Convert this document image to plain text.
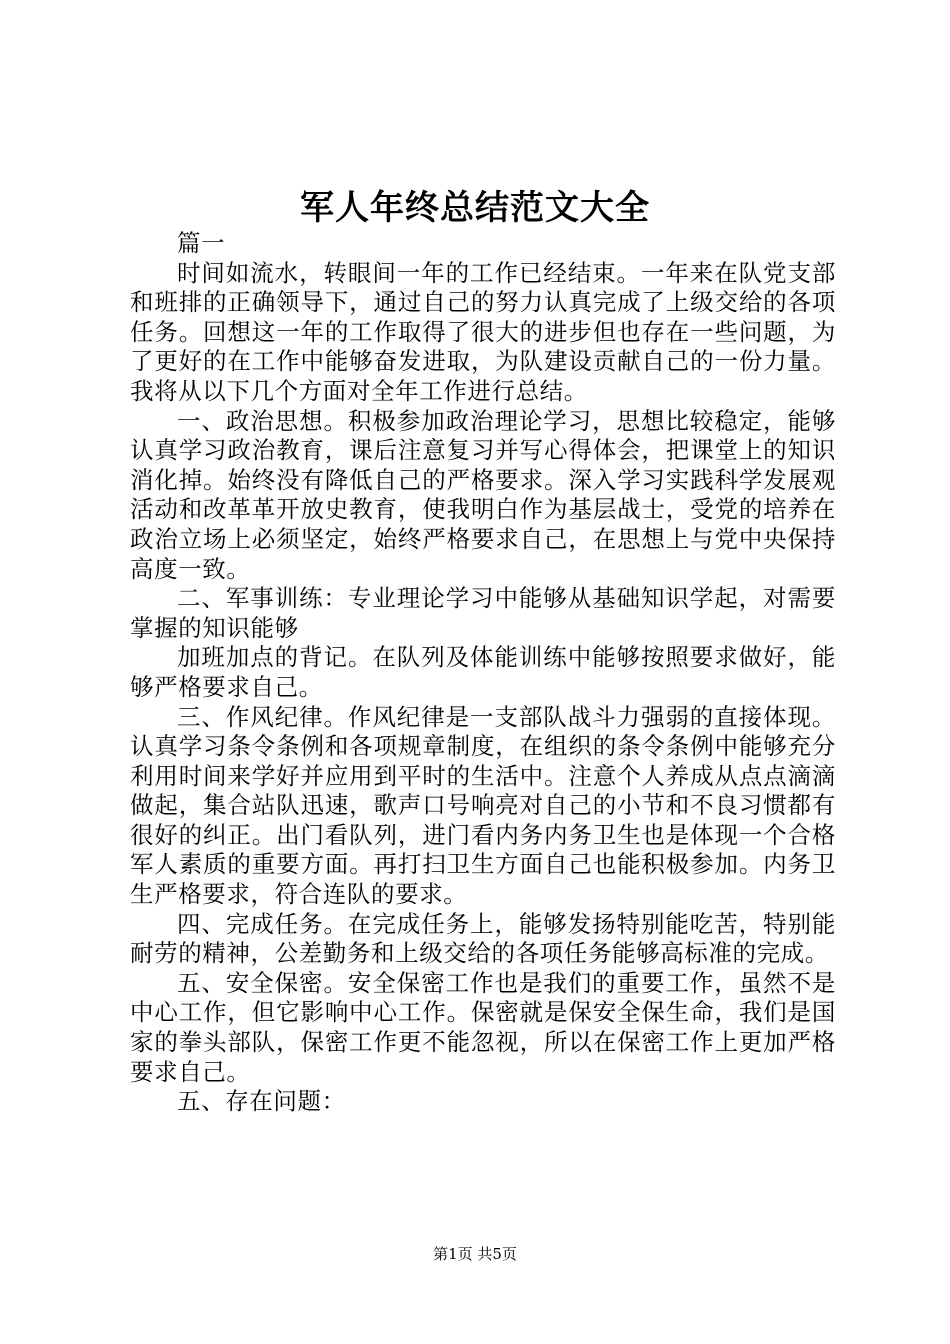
军人年终总结范文大全

篇一

时间如流水，转眼间一年的工作已经结束。一年来在队党支部和班排的正确领导下，通过自己的努力认真完成了上级交给的各项任务。回想这一年的工作取得了很大的进步但也存在一些问题，为了更好的在工作中能够奋发进取，为队建设贡献自己的一份力量。我将从以下几个方面对全年工作进行总结。

一、政治思想。积极参加政治理论学习，思想比较稳定，能够认真学习政治教育，课后注意复习并写心得体会，把课堂上的知识消化掉。始终没有降低自己的严格要求。深入学习实践科学发展观活动和改革革开放史教育，使我明白作为基层战士，受党的培养在政治立场上必须坚定，始终严格要求自己，在思想上与党中央保持高度一致。

二、军事训练：专业理论学习中能够从基础知识学起，对需要掌握的知识能够

加班加点的背记。在队列及体能训练中能够按照要求做好，能够严格要求自己。

三、作风纪律。作风纪律是一支部队战斗力强弱的直接体现。认真学习条令条例和各项规章制度，在组织的条令条例中能够充分利用时间来学好并应用到平时的生活中。注意个人养成从点点滴滴做起，集合站队迅速，歌声口号响亮对自己的小节和不良习惯都有很好的纠正。出门看队列，进门看内务内务卫生也是体现一个合格军人素质的重要方面。再打扫卫生方面自己也能积极参加。内务卫生严格要求，符合连队的要求。

四、完成任务。在完成任务上，能够发扬特别能吃苦，特别能耐劳的精神，公差勤务和上级交给的各项任务能够高标准的完成。

五、安全保密。安全保密工作也是我们的重要工作，虽然不是中心工作，但它影响中心工作。保密就是保安全保生命，我们是国家的拳头部队，保密工作更不能忽视，所以在保密工作上更加严格要求自己。

五、存在问题：

第1页 共5页
